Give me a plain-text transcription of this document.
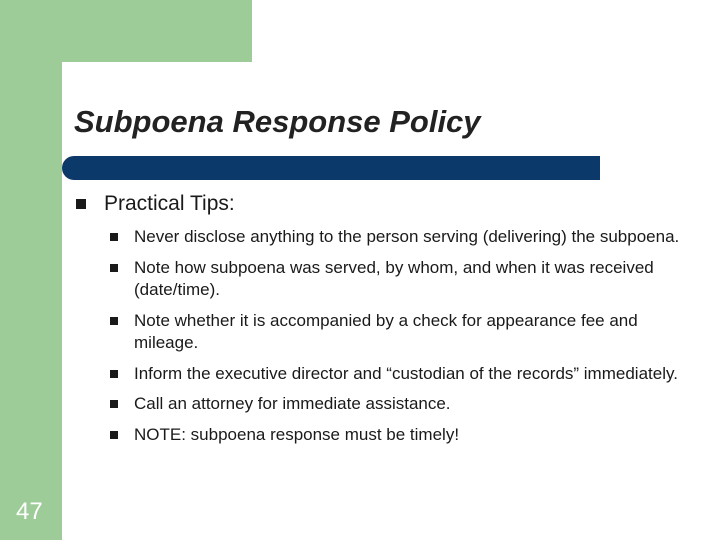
Subpoena Response Policy
Practical Tips:
Never disclose anything to the person serving (delivering) the subpoena.
Note how subpoena was served, by whom, and when it was received (date/time).
Note whether it is accompanied by a check for appearance fee and mileage.
Inform the executive director and “custodian of the records” immediately.
Call an attorney for immediate assistance.
NOTE: subpoena response must be timely!
47
